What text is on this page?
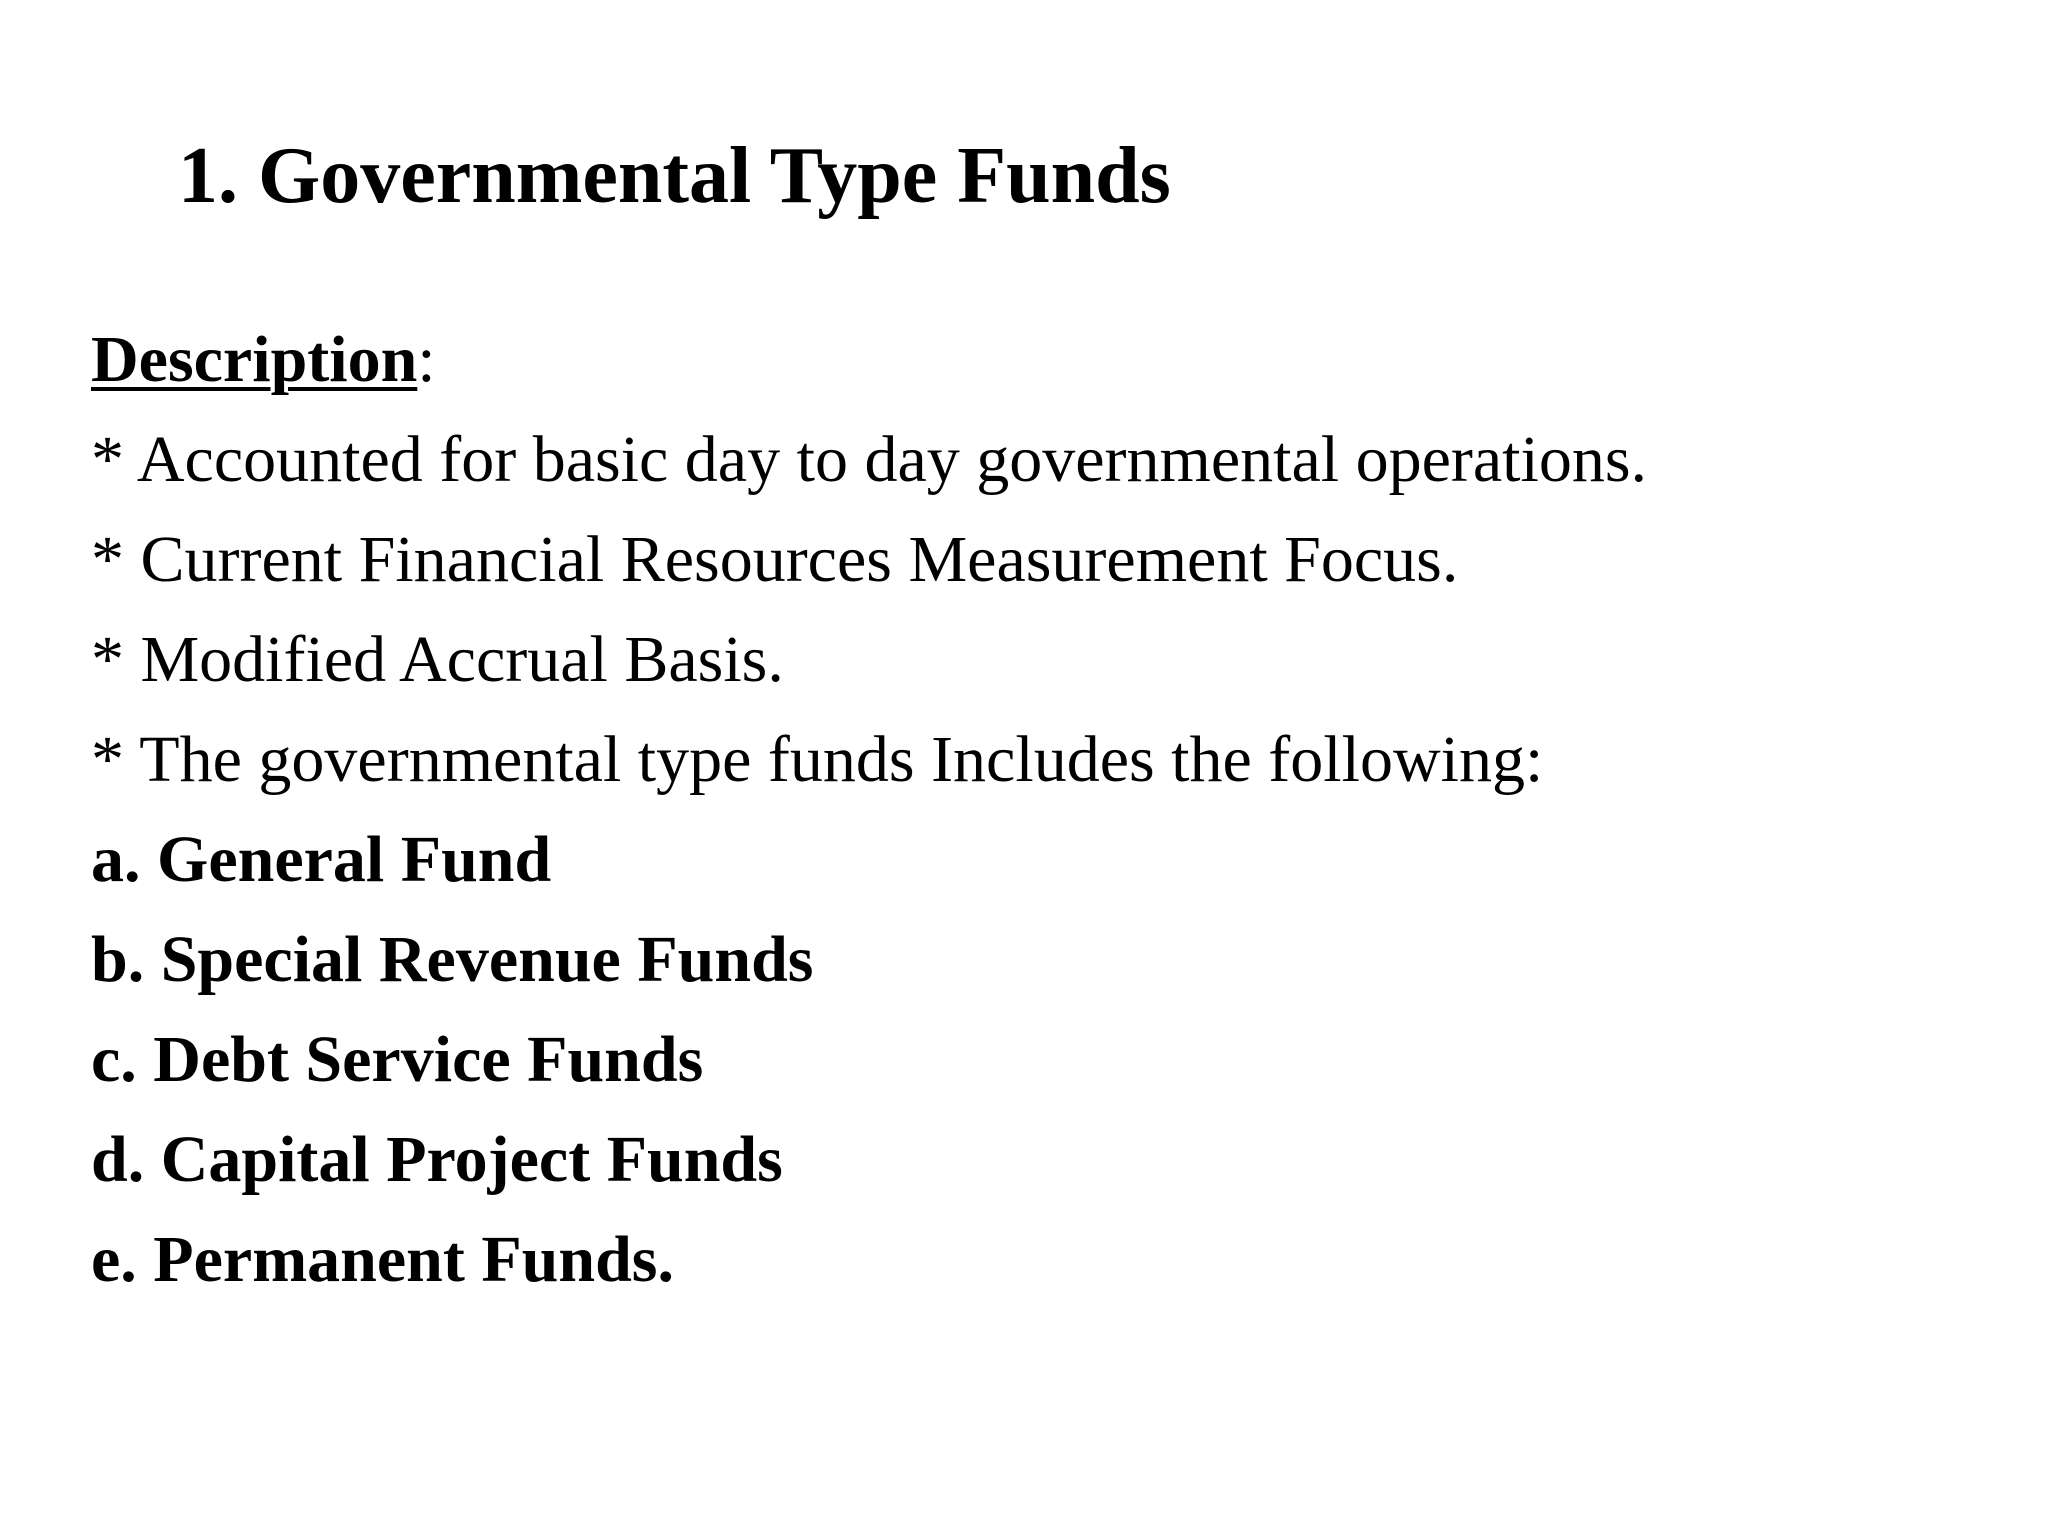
1. Governmental Type Funds
Description:
* Accounted for basic day to day governmental operations.
* Current Financial Resources Measurement Focus.
* Modified Accrual Basis.
* The governmental type funds Includes the following:
a. General Fund
b. Special Revenue Funds
c. Debt Service Funds
d. Capital Project Funds
e. Permanent Funds.
